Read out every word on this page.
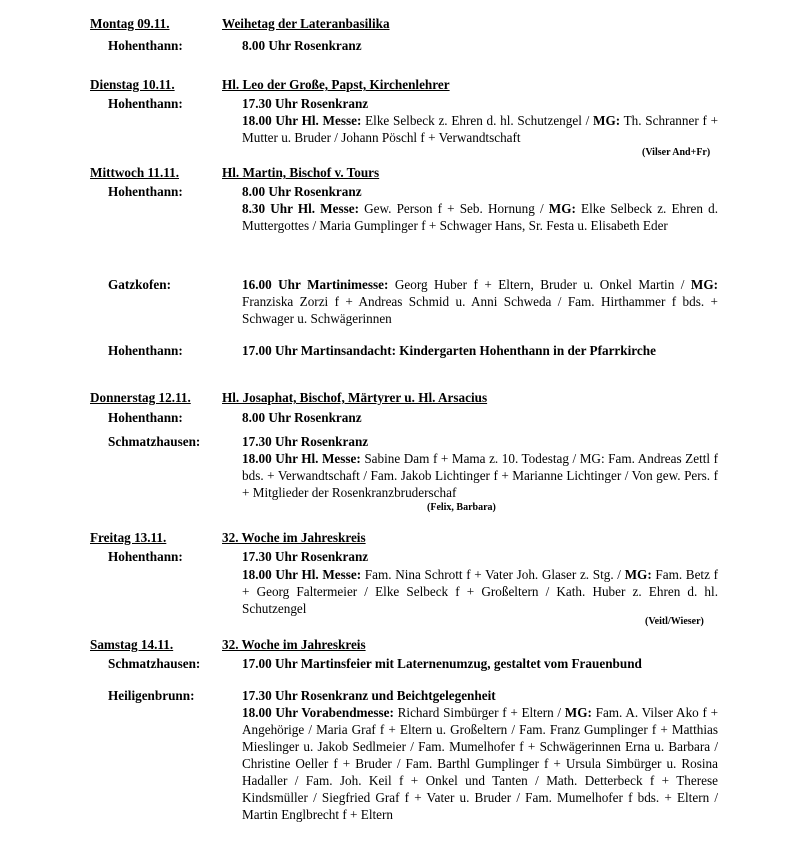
Montag 09.11.	Weihetag der Lateranbasilika
Hohenthann:	8.00 Uhr Rosenkranz
Dienstag 10.11.	Hl. Leo der Große, Papst, Kirchenlehrer
Hohenthann:	17.30 Uhr Rosenkranz
18.00 Uhr Hl. Messe: Elke Selbeck z. Ehren d. hl. Schutzengel / MG: Th. Schranner f + Mutter u. Bruder / Johann Pöschl f + Verwandtschaft
(Vilser And+Fr)
Mittwoch 11.11.	Hl. Martin, Bischof v. Tours
Hohenthann:	8.00 Uhr Rosenkranz
8.30 Uhr Hl. Messe: Gew. Person f + Seb. Hornung / MG: Elke Selbeck z. Ehren d. Muttergottes / Maria Gumplinger f + Schwager Hans, Sr. Festa u. Elisabeth Eder
Gatzkofen:	16.00 Uhr Martinimesse: Georg Huber f + Eltern, Bruder u. Onkel Martin / MG: Franziska Zorzi f + Andreas Schmid u. Anni Schweda / Fam. Hirthammer f bds. + Schwager u. Schwägerinnen
Hohenthann:	17.00 Uhr Martinsandacht: Kindergarten Hohenthann in der Pfarrkirche
Donnerstag 12.11. Hl. Josaphat, Bischof, Märtyrer u. Hl. Arsacius
Hohenthann:	8.00 Uhr Rosenkranz
Schmatzhausen:	17.30 Uhr Rosenkranz
18.00 Uhr Hl. Messe: Sabine Dam f + Mama z. 10. Todestag / MG: Fam. Andreas Zettl f bds. + Verwandtschaft / Fam. Jakob Lichtinger f + Marianne Lichtinger / Von gew. Pers. f + Mitglieder der Rosenkranzbruderschaf
(Felix, Barbara)
Freitag 13.11.	32. Woche im Jahreskreis
Hohenthann:	17.30 Uhr Rosenkranz
18.00 Uhr Hl. Messe: Fam. Nina Schrott f + Vater Joh. Glaser z. Stg. / MG: Fam. Betz f + Georg Faltermeier / Elke Selbeck f + Großeltern / Kath. Huber z. Ehren d. hl. Schutzengel
(Veitl/Wieser)
Samstag 14.11.	32. Woche im Jahreskreis
Schmatzhausen:	17.00 Uhr Martinsfeier mit Laternenumzug, gestaltet vom Frauenbund
Heiligenbrunn:	17.30 Uhr Rosenkranz und Beichtgelegenheit
18.00 Uhr Vorabendmesse: Richard Simbürger f + Eltern / MG: Fam. A. Vilser Ako f + Angehörige / Maria Graf f + Eltern u. Großeltern / Fam. Franz Gumplinger f + Matthias Mieslinger u. Jakob Sedlmeier / Fam. Mumelhofer f + Schwägerinnen Erna u. Barbara / Christine Oeller f + Bruder / Fam. Barthl Gumplinger f + Ursula Simbürger u. Rosina Hadaller / Fam. Joh. Keil f + Onkel und Tanten / Math. Detterbeck f + Therese Kindsmüller / Siegfried Graf f + Vater u. Bruder / Fam. Mumelhofer f bds. + Eltern / Martin Englbrecht f + Eltern
